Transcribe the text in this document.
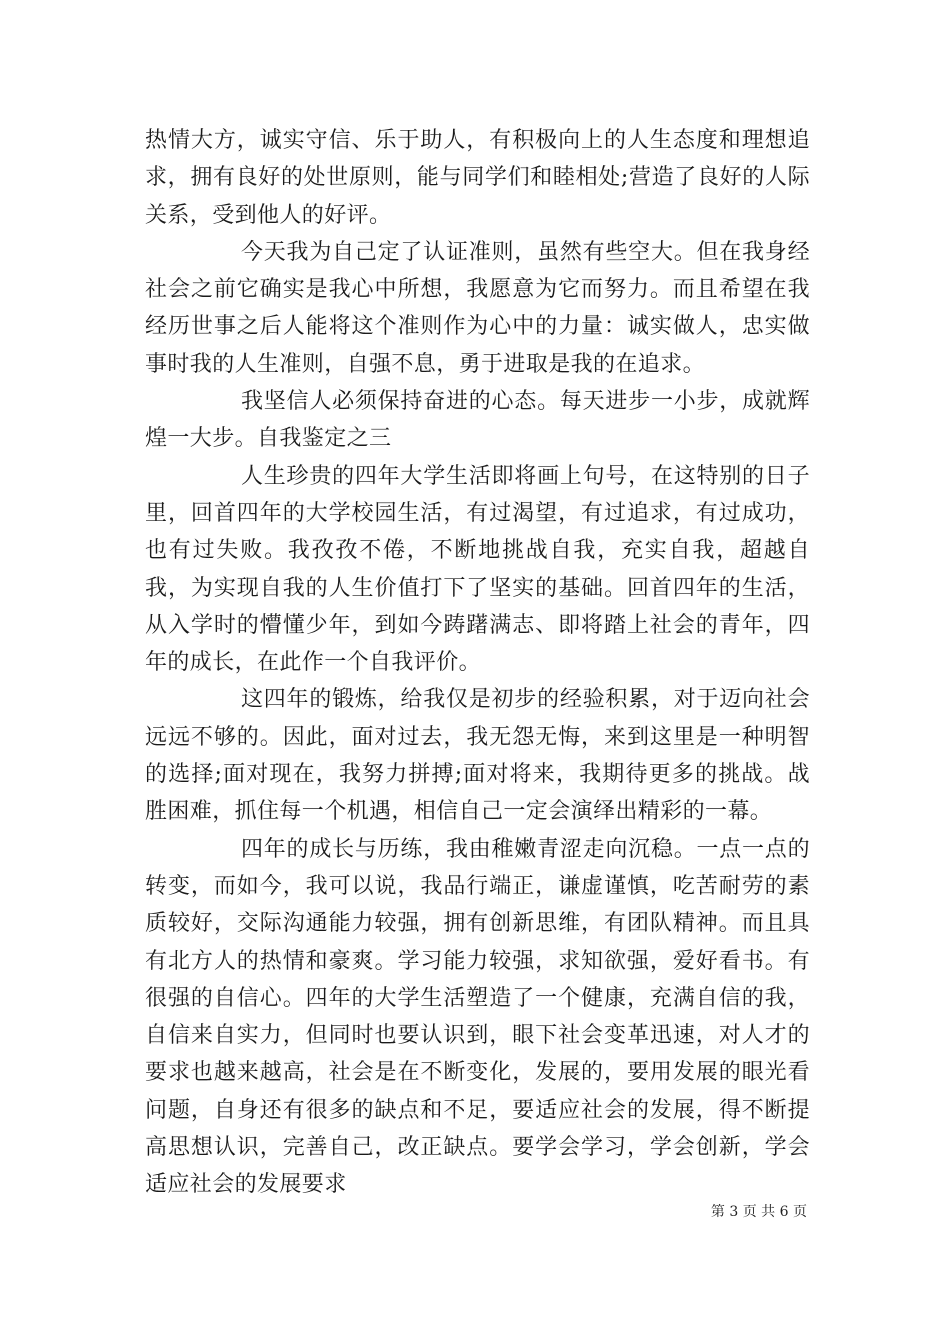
热情大方，诚实守信、乐于助人，有积极向上的人生态度和理想追求，拥有良好的处世原则，能与同学们和睦相处;营造了良好的人际关系，受到他人的好评。

今天我为自己定了认证准则，虽然有些空大。但在我身经社会之前它确实是我心中所想，我愿意为它而努力。而且希望在我经历世事之后人能将这个准则作为心中的力量：诚实做人，忠实做事时我的人生准则，自强不息，勇于进取是我的在追求。

我坚信人必须保持奋进的心态。每天进步一小步，成就辉煌一大步。自我鉴定之三

人生珍贵的四年大学生活即将画上句号，在这特别的日子里，回首四年的大学校园生活，有过渴望，有过追求，有过成功，也有过失败。我孜孜不倦，不断地挑战自我，充实自我，超越自我，为实现自我的人生价值打下了坚实的基础。回首四年的生活，从入学时的懵懂少年，到如今踌躇满志、即将踏上社会的青年，四年的成长，在此作一个自我评价。

这四年的锻炼，给我仅是初步的经验积累，对于迈向社会远远不够的。因此，面对过去，我无怨无悔，来到这里是一种明智的选择;面对现在，我努力拼搏;面对将来，我期待更多的挑战。战胜困难，抓住每一个机遇，相信自己一定会演绎出精彩的一幕。

四年的成长与历练，我由稚嫩青涩走向沉稳。一点一点的转变，而如今，我可以说，我品行端正，谦虚谨慎，吃苦耐劳的素质较好，交际沟通能力较强，拥有创新思维，有团队精神。而且具有北方人的热情和豪爽。学习能力较强，求知欲强，爱好看书。有很强的自信心。四年的大学生活塑造了一个健康，充满自信的我，自信来自实力，但同时也要认识到，眼下社会变革迅速，对人才的要求也越来越高，社会是在不断变化，发展的，要用发展的眼光看问题，自身还有很多的缺点和不足，要适应社会的发展，得不断提高思想认识，完善自己，改正缺点。要学会学习，学会创新，学会适应社会的发展要求

第 3 页 共 6 页
